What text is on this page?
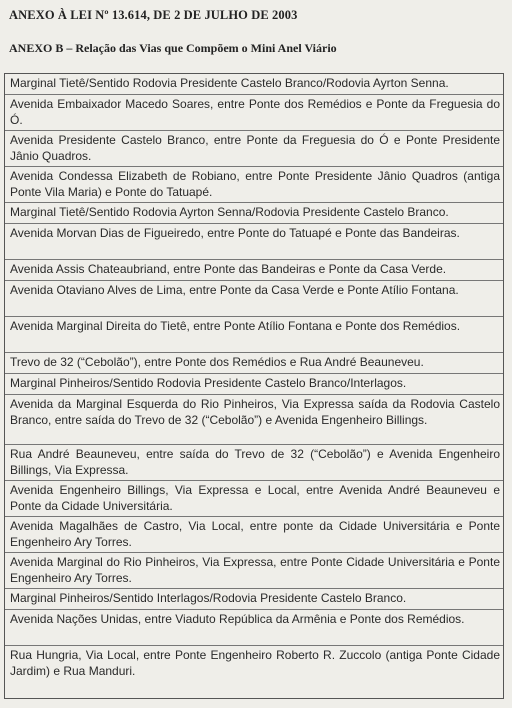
ANEXO À LEI Nº 13.614, DE 2 DE JULHO DE 2003
ANEXO B – Relação das Vias que Compõem o Mini Anel Viário
Marginal Tietê/Sentido Rodovia Presidente Castelo Branco/Rodovia Ayrton Senna.
Avenida Embaixador Macedo Soares, entre Ponte dos Remédios e Ponte da Freguesia do Ó.
Avenida Presidente Castelo Branco, entre Ponte da Freguesia do Ó e Ponte Presidente Jânio Quadros.
Avenida Condessa Elizabeth de Robiano, entre Ponte Presidente Jânio Quadros (antiga Ponte Vila Maria) e Ponte do Tatuapé.
Marginal Tietê/Sentido Rodovia Ayrton Senna/Rodovia Presidente Castelo Branco.
Avenida Morvan Dias de Figueiredo, entre Ponte do Tatuapé e Ponte das Bandeiras.
Avenida Assis Chateaubriand, entre Ponte das Bandeiras e Ponte da Casa Verde.
Avenida Otaviano Alves de Lima, entre Ponte da Casa Verde e Ponte Atílio Fontana.
Avenida Marginal Direita do Tietê, entre Ponte Atílio Fontana e Ponte dos Remédios.
Trevo de 32 (“Cebolão”), entre Ponte dos Remédios e Rua André Beauneveu.
Marginal Pinheiros/Sentido Rodovia Presidente Castelo Branco/Interlagos.
Avenida da Marginal Esquerda do Rio Pinheiros, Via Expressa saída da Rodovia Castelo Branco, entre saída do Trevo de 32 (“Cebolão”) e Avenida Engenheiro Billings.
Rua André Beauneveu, entre saída do Trevo de 32 (“Cebolão”) e Avenida Engenheiro Billings, Via Expressa.
Avenida Engenheiro Billings, Via Expressa e Local, entre Avenida André Beauneveu e Ponte da Cidade Universitária.
Avenida Magalhães de Castro, Via Local, entre ponte da Cidade Universitária e Ponte Engenheiro Ary Torres.
Avenida Marginal do Rio Pinheiros, Via Expressa, entre Ponte Cidade Universitária e Ponte Engenheiro Ary Torres.
Marginal Pinheiros/Sentido Interlagos/Rodovia Presidente Castelo Branco.
Avenida Nações Unidas, entre Viaduto República da Armênia e Ponte dos Remédios.
Rua Hungria, Via Local, entre Ponte Engenheiro Roberto R. Zuccolo (antiga Ponte Cidade Jardim) e Rua Manduri.
